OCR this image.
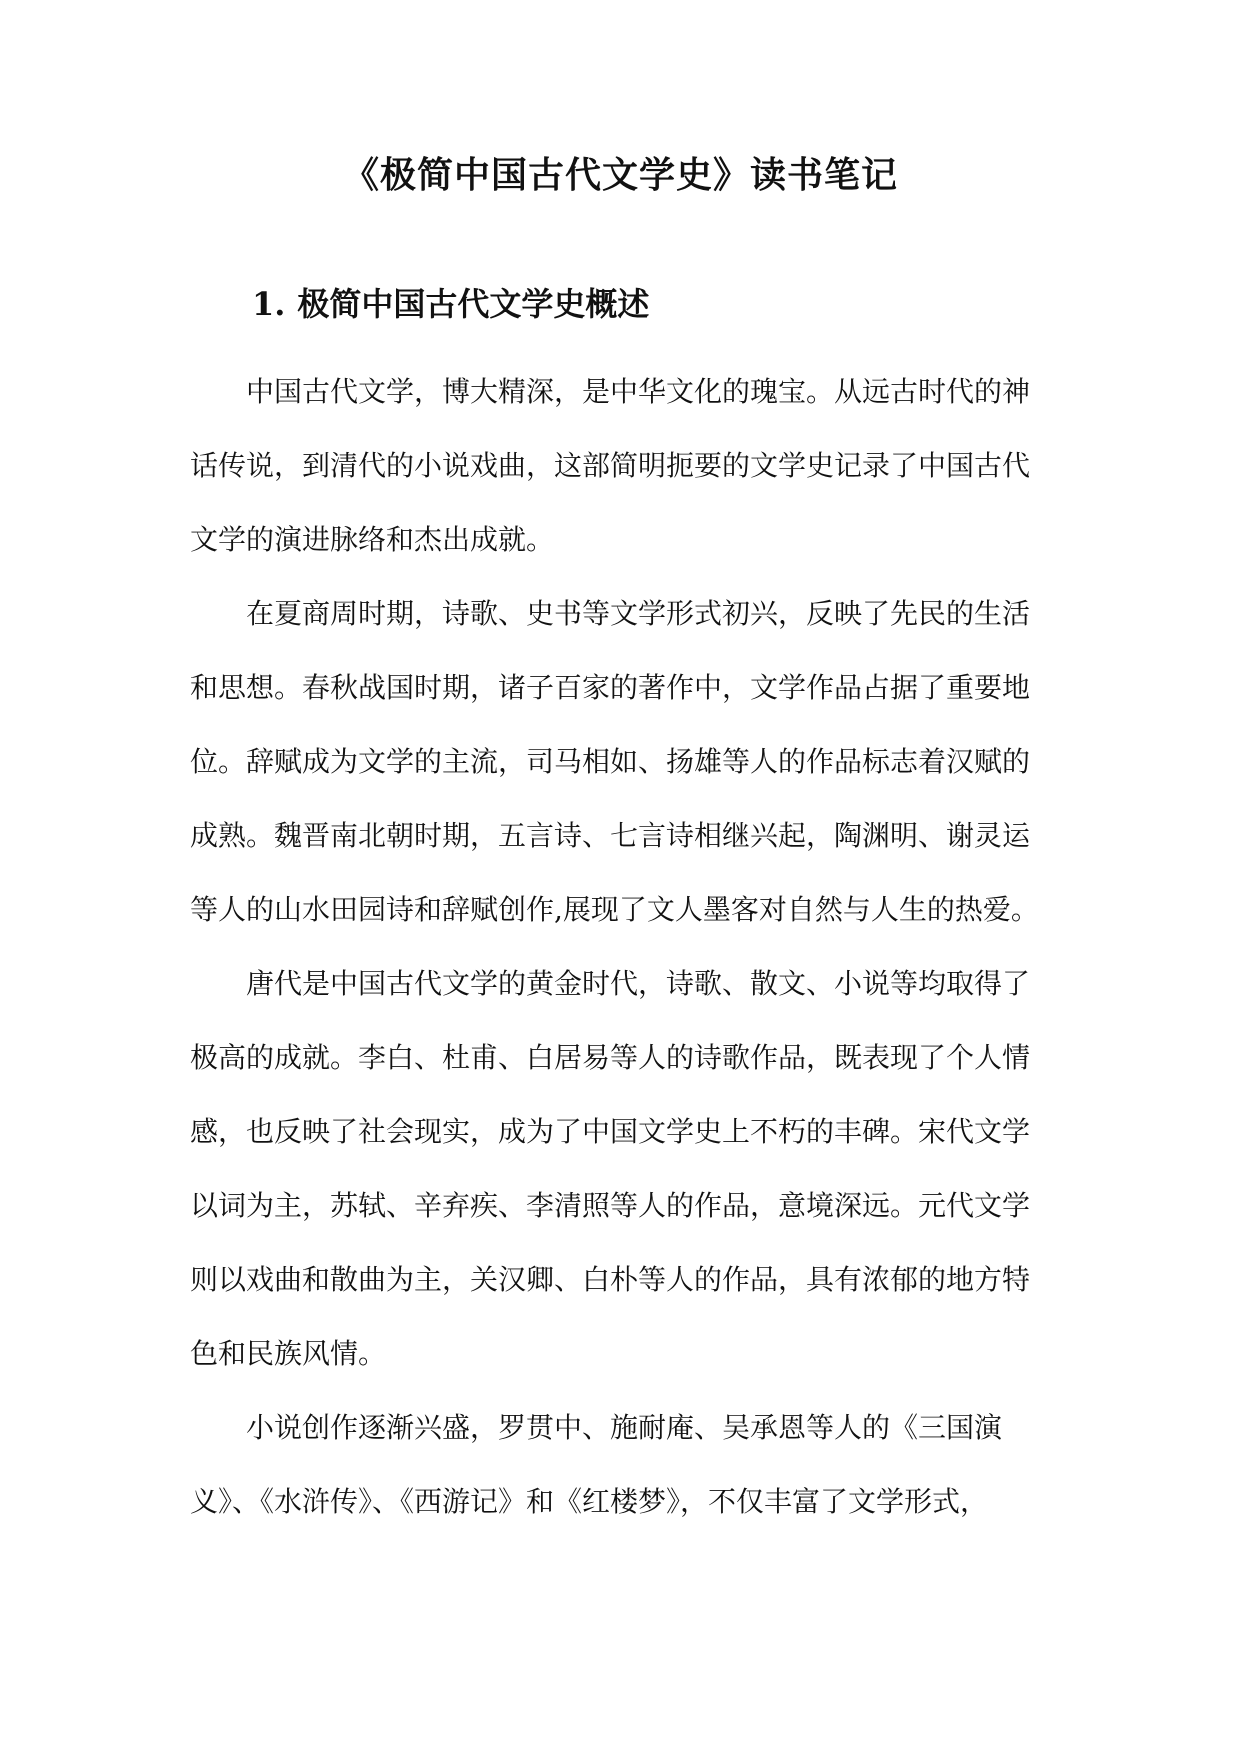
《极简中国古代文学史》读书笔记
1. 极简中国古代文学史概述

中国古代文学，博大精深，是中华文化的瑰宝。从远古时代的神

话传说，到清代的小说戏曲，这部简明扼要的文学史记录了中国古代

文学的演进脉络和杰出成就。

在夏商周时期，诗歌、史书等文学形式初兴，反映了先民的生活

和思想。春秋战国时期，诸子百家的著作中，文学作品占据了重要地

位。辞赋成为文学的主流，司马相如、扬雄等人的作品标志着汉赋的

成熟。魏晋南北朝时期，五言诗、七言诗相继兴起，陶渊明、谢灵运

等人的山水田园诗和辞赋创作,展现了文人墨客对自然与人生的热爱。

唐代是中国古代文学的黄金时代，诗歌、散文、小说等均取得了

极高的成就。李白、杜甫、白居易等人的诗歌作品，既表现了个人情

感，也反映了社会现实，成为了中国文学史上不朽的丰碑。宋代文学

以词为主，苏轼、辛弃疾、李清照等人的作品，意境深远。元代文学

则以戏曲和散曲为主，关汉卿、白朴等人的作品，具有浓郁的地方特

色和民族风情。

小说创作逐渐兴盛，罗贯中、施耐庵、吴承恩等人的《三国演

义》、《水浒传》、《西游记》和《红楼梦》，不仅丰富了文学形式，
